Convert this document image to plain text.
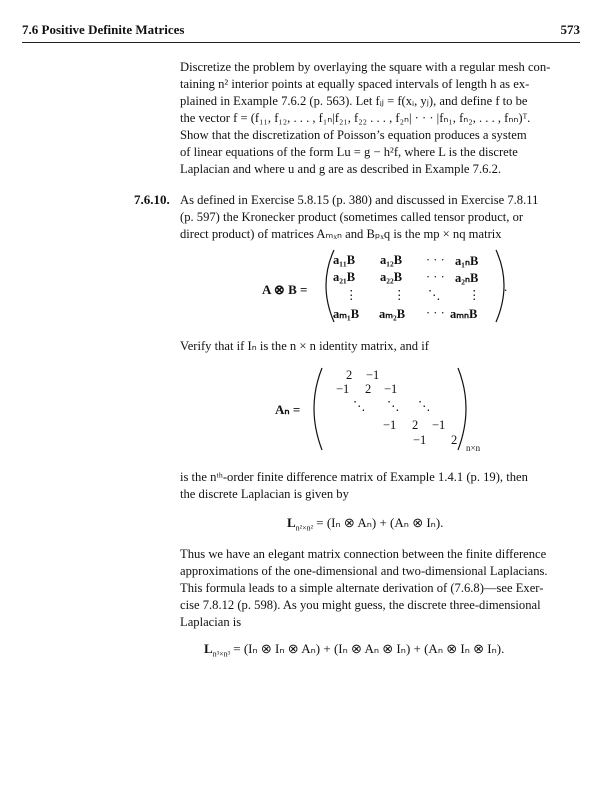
7.6 Positive Definite Matrices	573
Discretize the problem by overlaying the square with a regular mesh con-
taining n² interior points at equally spaced intervals of length h as ex-
plained in Example 7.6.2 (p. 563). Let fᵢⱼ = f(xᵢ, yⱼ), and define f to be
the vector f = (f₁₁, f₁₂, . . . , f₁ₙ|f₂₁, f₂₂ . . . , f₂ₙ| · · · |fₙ₁, fₙ₂, . . . , fₙₙ)ᵀ.
Show that the discretization of Poisson’s equation produces a system
of linear equations of the form Lu = g − h²f, where L is the discrete
Laplacian and where u and g are as described in Example 7.6.2.
7.6.10. As defined in Exercise 5.8.15 (p. 380) and discussed in Exercise 7.8.11
(p. 597) the Kronecker product (sometimes called tensor product, or
direct product) of matrices Aₘₓₙ and Bₚₓq is the mp × nq matrix
A ⊗ B =
a₁₁B a₁₂B · · · a₁ₙB
a₂₁B a₂₂B · · · a₂ₙB
⋮	⋮ ⋱ ⋮
aₘ₁B aₘ₂B · · · aₘₙB
.
Verify that if Iₙ is the n × n identity matrix, and if
Aₙ =
2 −1
−1 2 −1
⋱ ⋱ ⋱
−1 2 −1
−1 2
n×n
is the nᵗʰ-order finite difference matrix of Example 1.4.1 (p. 19), then
the discrete Laplacian is given by
$L_{n^2\times n^2} = (I_n$ ⊗ Aₙ) + (Aₙ ⊗ Iₙ).
Thus we have an elegant matrix connection between the finite difference
approximations of the one-dimensional and two-dimensional Laplacians.
This formula leads to a simple alternate derivation of (7.6.8)—see Exer-
cise 7.8.12 (p. 598). As you might guess, the discrete three-dimensional
Laplacian is
$L_{n^3\times n^3} = (I_n$ ⊗ Iₙ ⊗ Aₙ) + (Iₙ ⊗ Aₙ ⊗ Iₙ) + (Aₙ ⊗ Iₙ ⊗ Iₙ).
